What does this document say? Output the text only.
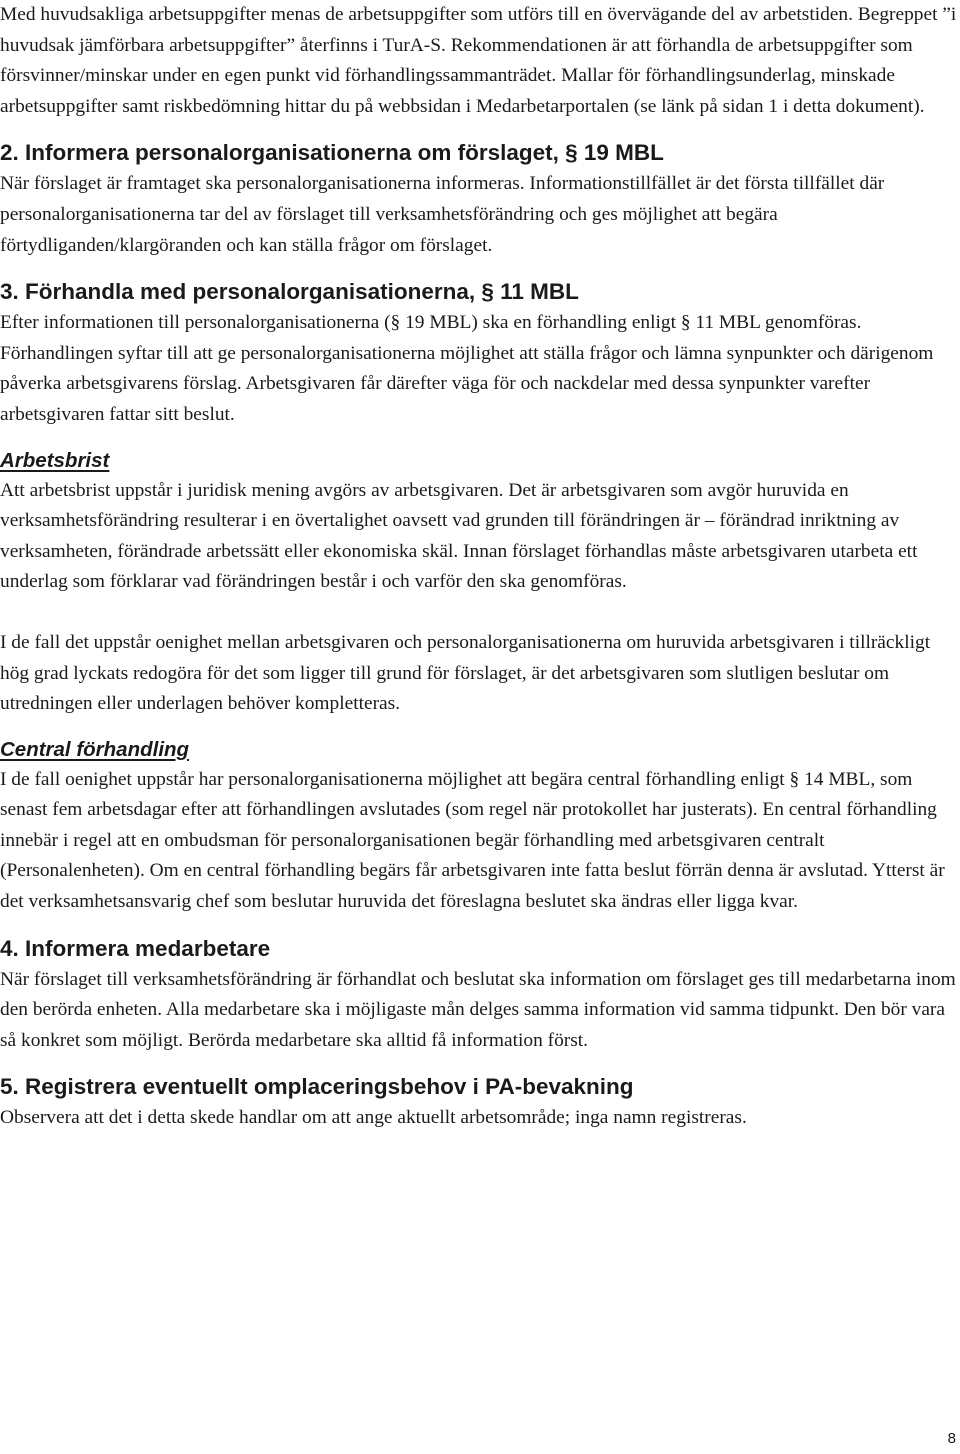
Med huvudsakliga arbetsuppgifter menas de arbetsuppgifter som utförs till en övervägande del av arbetstiden. Begreppet ”i huvudsak jämförbara arbetsuppgifter” återfinns i TurA-S. Rekommendationen är att förhandla de arbetsuppgifter som försvinner/minskar under en egen punkt vid förhandlingssammanträdet. Mallar för förhandlingsunderlag, minskade arbetsuppgifter samt riskbedömning hittar du på webbsidan i Medarbetarportalen (se länk på sidan 1 i detta dokument).

2. Informera personalorganisationerna om förslaget, § 19 MBL

När förslaget är framtaget ska personalorganisationerna informeras. Informationstillfället är det första tillfället där personalorganisationerna tar del av förslaget till verksamhetsförändring och ges möjlighet att begära förtydliganden/klargöranden och kan ställa frågor om förslaget.

3. Förhandla med personalorganisationerna, § 11 MBL

Efter informationen till personalorganisationerna (§ 19 MBL) ska en förhandling enligt § 11 MBL genomföras. Förhandlingen syftar till att ge personalorganisationerna möjlighet att ställa frågor och lämna synpunkter och därigenom påverka arbetsgivarens förslag. Arbetsgivaren får därefter väga för och nackdelar med dessa synpunkter varefter arbetsgivaren fattar sitt beslut.

Arbetsbrist

Att arbetsbrist uppstår i juridisk mening avgörs av arbetsgivaren. Det är arbetsgivaren som avgör huruvida en verksamhetsförändring resulterar i en övertalighet oavsett vad grunden till förändringen är – förändrad inriktning av verksamheten, förändrade arbetssätt eller ekonomiska skäl. Innan förslaget förhandlas måste arbetsgivaren utarbeta ett underlag som förklarar vad förändringen består i och varför den ska genomföras.

I de fall det uppstår oenighet mellan arbetsgivaren och personalorganisationerna om huruvida arbetsgivaren i tillräckligt hög grad lyckats redogöra för det som ligger till grund för förslaget, är det arbetsgivaren som slutligen beslutar om utredningen eller underlagen behöver kompletteras.

Central förhandling

I de fall oenighet uppstår har personalorganisationerna möjlighet att begära central förhandling enligt § 14 MBL, som senast fem arbetsdagar efter att förhandlingen avslutades (som regel när protokollet har justerats). En central förhandling innebär i regel att en ombudsman för personalorganisationen begär förhandling med arbetsgivaren centralt (Personalenheten). Om en central förhandling begärs får arbetsgivaren inte fatta beslut förrän denna är avslutad. Ytterst är det verksamhetsansvarig chef som beslutar huruvida det föreslagna beslutet ska ändras eller ligga kvar.

4. Informera medarbetare

När förslaget till verksamhetsförändring är förhandlat och beslutat ska information om förslaget ges till medarbetarna inom den berörda enheten. Alla medarbetare ska i möjligaste mån delges samma information vid samma tidpunkt. Den bör vara så konkret som möjligt. Berörda medarbetare ska alltid få information först.

5. Registrera eventuellt omplaceringsbehov i PA-bevakning

Observera att det i detta skede handlar om att ange aktuellt arbetsområde; inga namn registreras.

8
